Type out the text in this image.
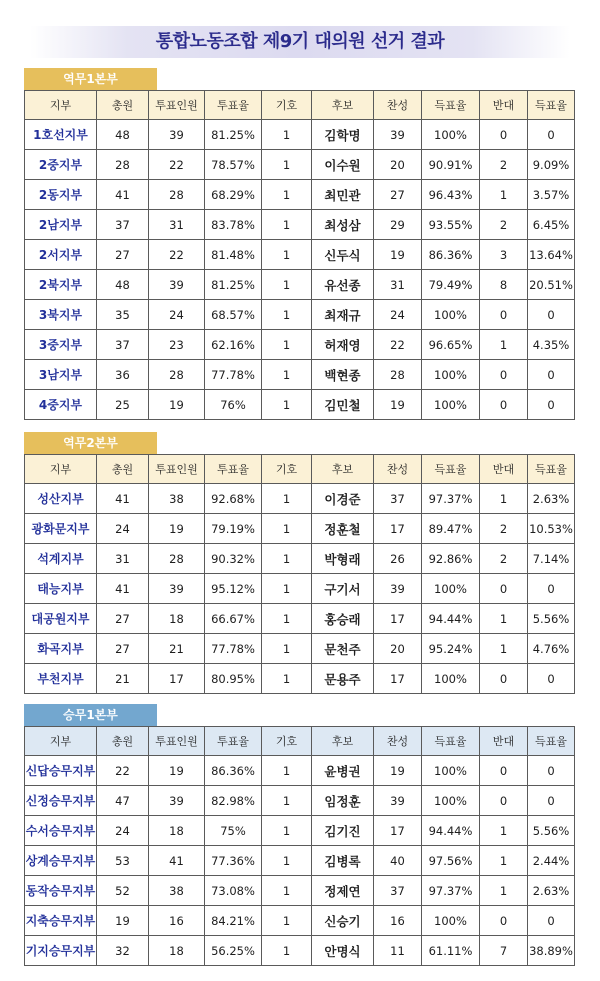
통합노동조합 제9기 대의원 선거 결과
역무1본부
지부	총원	투표인원	투표율	기호	후보	찬성	득표율	반대	득표율
1호선지부	48	39	81.25%	1	김학명	39	100%	0	0
2중지부	28	22	78.57%	1	이수원	20	90.91%	2	9.09%
2동지부	41	28	68.29%	1	최민관	27	96.43%	1	3.57%
2남지부	37	31	83.78%	1	최성삼	29	93.55%	2	6.45%
2서지부	27	22	81.48%	1	신두식	19	86.36%	3	13.64%
2북지부	48	39	81.25%	1	유선종	31	79.49%	8	20.51%
3북지부	35	24	68.57%	1	최재규	24	100%	0	0
3중지부	37	23	62.16%	1	허재영	22	96.65%	1	4.35%
3남지부	36	28	77.78%	1	백현종	28	100%	0	0
4중지부	25	19	76%	1	김민철	19	100%	0	0
역무2본부
지부	총원	투표인원	투표율	기호	후보	찬성	득표율	반대	득표율
성산지부	41	38	92.68%	1	이경준	37	97.37%	1	2.63%
광화문지부	24	19	79.19%	1	정훈철	17	89.47%	2	10.53%
석계지부	31	28	90.32%	1	박형래	26	92.86%	2	7.14%
태능지부	41	39	95.12%	1	구기서	39	100%	0	0
대공원지부	27	18	66.67%	1	홍승래	17	94.44%	1	5.56%
화곡지부	27	21	77.78%	1	문천주	20	95.24%	1	4.76%
부천지부	21	17	80.95%	1	문용주	17	100%	0	0
승무1본부
지부	총원	투표인원	투표율	기호	후보	찬성	득표율	반대	득표율
신답승무지부	22	19	86.36%	1	윤병권	19	100%	0	0
신정승무지부	47	39	82.98%	1	임정훈	39	100%	0	0
수서승무지부	24	18	75%	1	김기진	17	94.44%	1	5.56%
상계승무지부	53	41	77.36%	1	김병록	40	97.56%	1	2.44%
동작승무지부	52	38	73.08%	1	정제연	37	97.37%	1	2.63%
지축승무지부	19	16	84.21%	1	신승기	16	100%	0	0
기지승무지부	32	18	56.25%	1	안명식	11	61.11%	7	38.89%
